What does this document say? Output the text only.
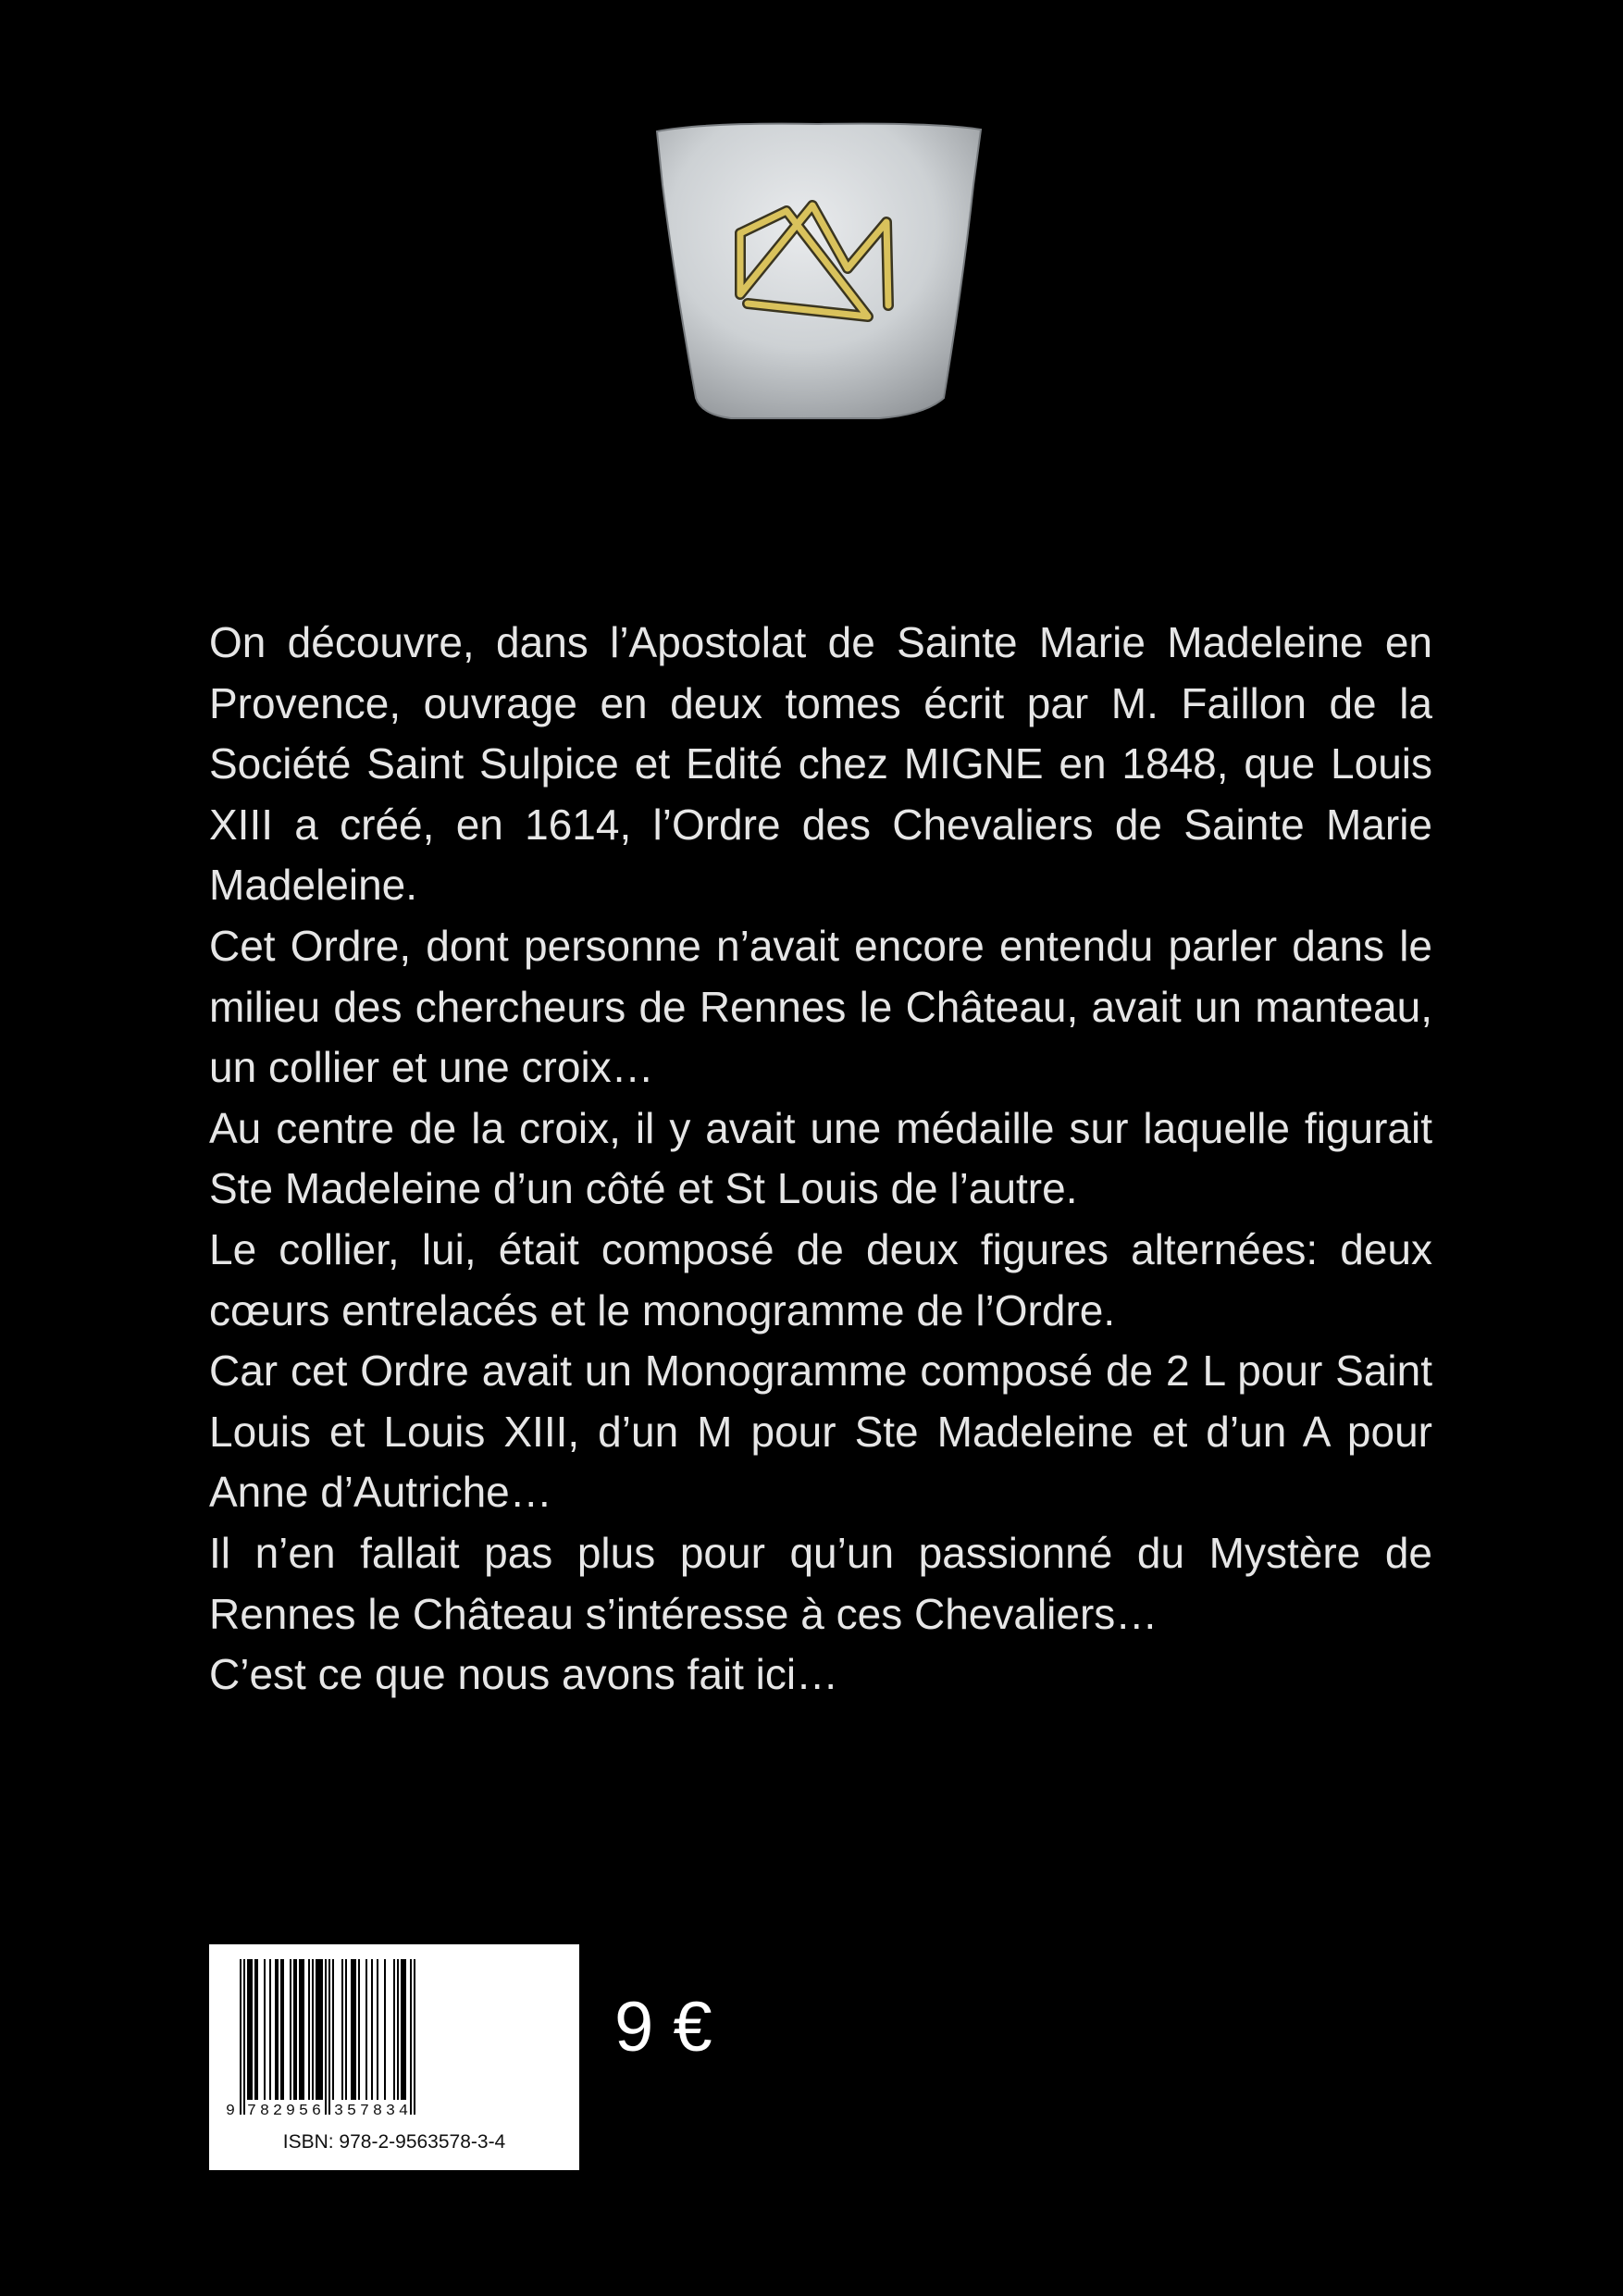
On découvre, dans l’Apostolat de Sainte Marie Madeleine en Provence, ouvrage en deux tomes écrit par M. Faillon de la Société Saint Sulpice et Edité chez MIGNE en 1848, que Louis XIII a créé, en 1614, l’Ordre des Chevaliers de Sainte Marie Madeleine.

Cet Ordre, dont personne n’avait encore entendu parler dans le milieu des chercheurs de Rennes le Château, avait un manteau, un collier et une croix…

Au centre de la croix, il y avait une médaille sur laquelle figurait Ste Madeleine d’un côté et St Louis de l’autre.

Le collier, lui, était composé de deux figures alternées: deux cœurs entrelacés et le monogramme de l’Ordre.

Car cet Ordre avait un Monogramme composé de 2 L pour Saint Louis et Louis XIII, d’un M pour Ste Madeleine et d’un A pour Anne d’Autriche…

Il n’en fallait pas plus pour qu’un passionné du Mystère de Rennes le Château s’intéresse à ces Chevaliers…

C’est ce que nous avons fait ici…

9 7 8 2 9 5 6 3 5 7 8 3 4
ISBN: 978-2-9563578-3-4
9 €
